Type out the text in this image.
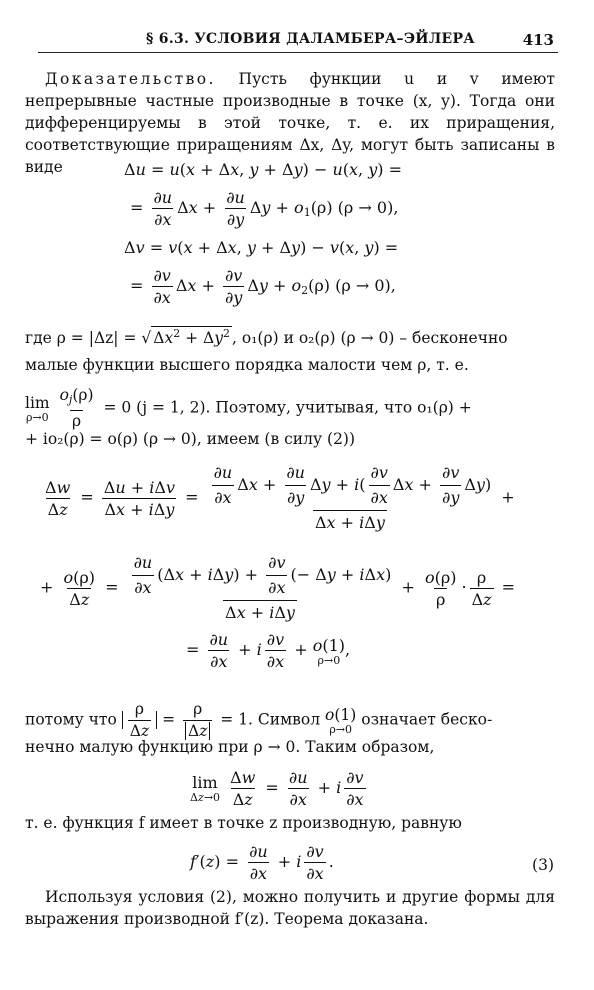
§ 6.3. УСЛОВИЯ ДАЛАМБЕРА–ЭЙЛЕРА	413

Доказательство. Пусть функции u и v имеют непрерывные частные производные в точке (x, y). Тогда они дифференцируемы в этой точке, т. е. их приращения, соответствующие приращениям Δx, Δy, могут быть записаны в виде	Δu = u(x + Δx, y + Δy) − u(x, y) =
= $\frac{\partial u}{\partial x}$ $\Delta x + \frac{\partial u}{\partial y}$ $\Delta y + o_1(\rho) (\rho \to 0)$,
Δv = v(x + Δx, y + Δy) − v(x, y) =
= $\frac{\partial v}{\partial x}$ $\Delta x + \frac{\partial v}{\partial y}$ $\Delta y + o_2(\rho) (\rho \to 0)$,
где ρ = |Δz| = √ $\Delta x^2 + \Delta y^2$ , o₁(ρ) и o₂(ρ) (ρ → 0) – бесконечно
малые функции высшего порядка малости чем ρ, т. е.
lim
ρ→0
$\frac{o_j(\rho)}{\rho} = 0$ (j = 1, 2). Поэтому, учитывая, что o₁(ρ) +
+ io₂(ρ) = o(ρ) (ρ → 0), имеем (в силу (2))
$\frac{\Delta w}{\Delta z} = \frac{\text{Δu + iΔv}}{\text{Δx + iΔy}} = \frac{\frac{\partial u}{\partial x} \Delta x + \frac{\partial u}{\partial y} \Delta y + i( \frac{\partial v}{\partial x} \Delta x + \frac{\partial v}{\partial y} \Delta y)}{\text{Δx + iΔy}}$ +
+ $\frac{o(\rho)}{\Delta z} = \frac{\frac{\partial u}{\partial x} (\Delta x + i\Delta y) + \frac{\partial v}{\partial x} (- \Delta y + i\Delta x)}{\text{Δx + iΔy}} + \frac{o(\rho)}{\rho} \cdot \frac{\rho}{\Delta z}$ =
= $\frac{\partial u}{\partial x} + i \frac{\partial v}{\partial x} + o(1)$
ρ→0
,
потому что $\frac{\rho}{\Delta z} = \frac{\rho}{\Delta z} = 1$. Символ o(1)
ρ→0
означает беско-
нечно малую функцию при ρ → 0. Таким образом,
lim
Δz→0
$\frac{\Delta w}{\Delta z} = \frac{\partial u}{\partial x} + i \frac{\partial v}{\partial x}$
т. е. функция f имеет в точке z производную, равную
$f'(z) = \frac{\partial u}{\partial x} + i \frac{\partial v}{\partial x}$ .	(3)

Используя условия (2), можно получить и другие формы для выражения производной f′(z). Теорема доказана.
